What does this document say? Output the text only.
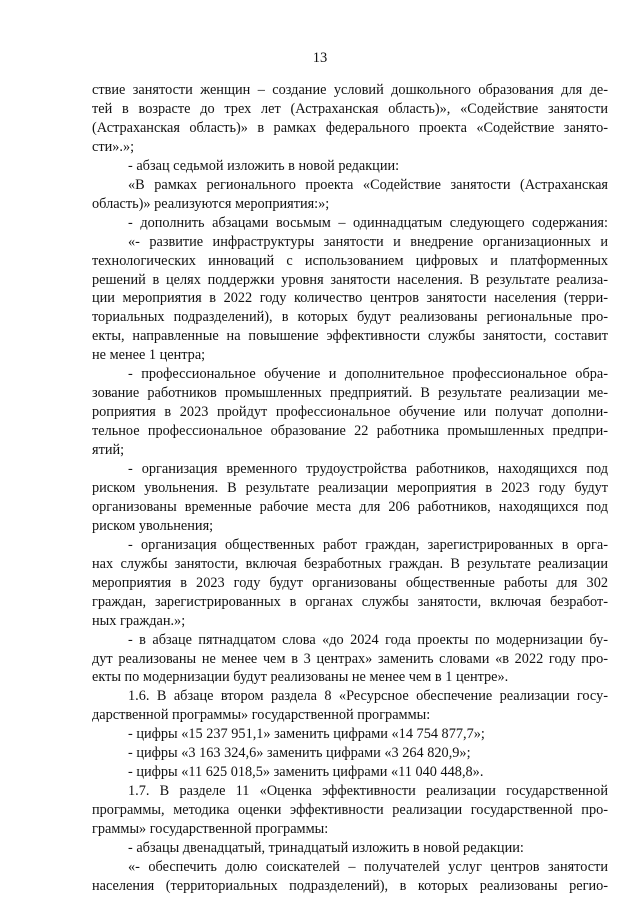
13
ствие занятости женщин – создание условий дошкольного образования для де-
тей в возрасте до трех лет (Астраханская область)», «Содействие занятости
(Астраханская область)» в рамках федерального проекта «Содействие занято-
сти».»;
- абзац седьмой изложить в новой редакции:
«В рамках регионального проекта «Содействие занятости (Астраханская
область)» реализуются мероприятия:»;
- дополнить абзацами восьмым – одиннадцатым следующего содержания:
«- развитие инфраструктуры занятости и внедрение организационных и
технологических инноваций с использованием цифровых и платформенных
решений в целях поддержки уровня занятости населения. В результате реализа-
ции мероприятия в 2022 году количество центров занятости населения (терри-
ториальных подразделений), в которых будут реализованы региональные про-
екты, направленные на повышение эффективности службы занятости, составит
не менее 1 центра;
- профессиональное обучение и дополнительное профессиональное обра-
зование работников промышленных предприятий. В результате реализации ме-
роприятия в 2023 пройдут профессиональное обучение или получат дополни-
тельное профессиональное образование 22 работника промышленных предпри-
ятий;
- организация временного трудоустройства работников, находящихся под
риском увольнения. В результате реализации мероприятия в 2023 году будут
организованы временные рабочие места для 206 работников, находящихся под
риском увольнения;
- организация общественных работ граждан, зарегистрированных в орга-
нах службы занятости, включая безработных граждан. В результате реализации
мероприятия в 2023 году будут организованы общественные работы для 302
граждан, зарегистрированных в органах службы занятости, включая безработ-
ных граждан.»;
- в абзаце пятнадцатом слова «до 2024 года проекты по модернизации бу-
дут реализованы не менее чем в 3 центрах» заменить словами «в 2022 году про-
екты по модернизации будут реализованы не менее чем в 1 центре».
1.6. В абзаце втором раздела 8 «Ресурсное обеспечение реализации госу-
дарственной программы» государственной программы:
- цифры «15 237 951,1» заменить цифрами «14 754 877,7»;
- цифры «3 163 324,6» заменить цифрами «3 264 820,9»;
- цифры «11 625 018,5» заменить цифрами «11 040 448,8».
1.7. В разделе 11 «Оценка эффективности реализации государственной
программы, методика оценки эффективности реализации государственной про-
граммы» государственной программы:
- абзацы двенадцатый, тринадцатый изложить в новой редакции:
«- обеспечить долю соискателей – получателей услуг центров занятости
населения (территориальных подразделений), в которых реализованы регио-
